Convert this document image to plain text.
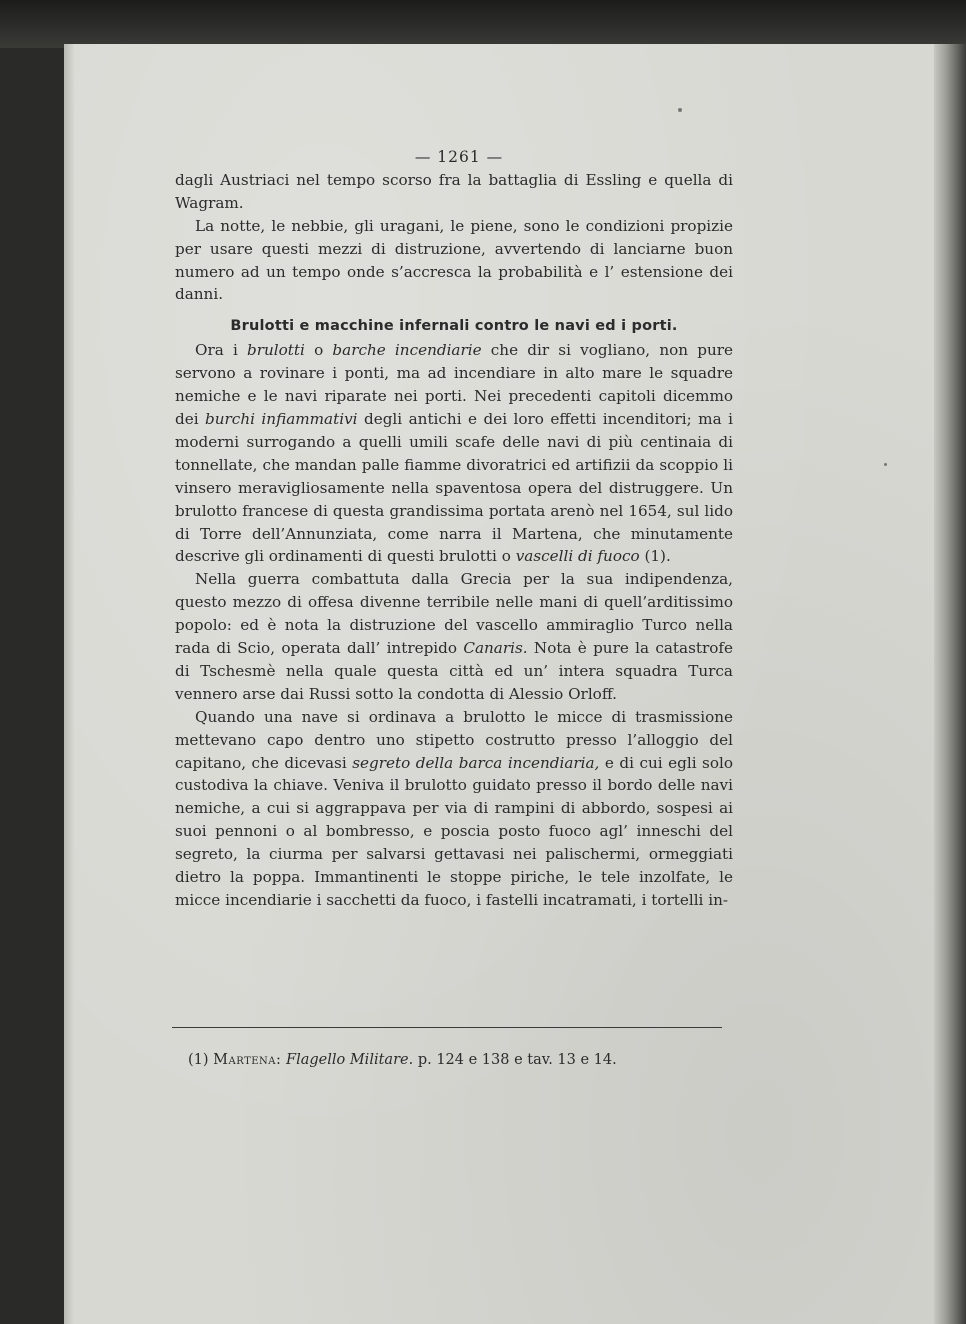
— 1261 —

dagli Austriaci nel tempo scorso fra la battaglia di Essling e quella di Wagram.

La notte, le nebbie, gli uragani, le piene, sono le condizioni propizie per usare questi mezzi di distruzione, avvertendo di lanciarne buon numero ad un tempo onde s’accresca la probabilità e l’ estensione dei danni.

Brulotti e macchine infernali contro le navi ed i porti.

Ora i brulotti o barche incendiarie che dir si vogliano, non pure servono a rovinare i ponti, ma ad incendiare in alto mare le squadre nemiche e le navi riparate nei porti. Nei precedenti capitoli dicemmo dei burchi infiammativi degli antichi e dei loro effetti incenditori; ma i moderni surrogando a quelli umili scafe delle navi di più centinaia di tonnellate, che mandan palle fiamme divoratrici ed artifizii da scoppio li vinsero meravigliosamente nella spaventosa opera del distruggere. Un brulotto francese di questa grandissima portata arenò nel 1654, sul lido di Torre dell’Annunziata, come narra il Martena, che minutamente descrive gli ordinamenti di questi brulotti o vascelli di fuoco (1).

Nella guerra combattuta dalla Grecia per la sua indipendenza, questo mezzo di offesa divenne terribile nelle mani di quell’arditissimo popolo: ed è nota la distruzione del vascello ammiraglio Turco nella rada di Scio, operata dall’ intrepido Canaris. Nota è pure la catastrofe di Tschesmè nella quale questa città ed un’ intera squadra Turca vennero arse dai Russi sotto la condotta di Alessio Orloff.

Quando una nave si ordinava a brulotto le micce di trasmissione mettevano capo dentro uno stipetto costrutto presso l’alloggio del capitano, che dicevasi segreto della barca incendiaria, e di cui egli solo custodiva la chiave. Veniva il brulotto guidato presso il bordo delle navi nemiche, a cui si aggrappava per via di rampini di abbordo, sospesi ai suoi pennoni o al bombresso, e poscia posto fuoco agl’ inneschi del segreto, la ciurma per salvarsi gettavasi nei palischermi, ormeggiati dietro la poppa. Immantinenti le stoppe piriche, le tele inzolfate, le micce incendiarie i sacchetti da fuoco, i fastelli incatramati, i tortelli in-

(1) Martena: Flagello Militare. p. 124 e 138 e tav. 13 e 14.
